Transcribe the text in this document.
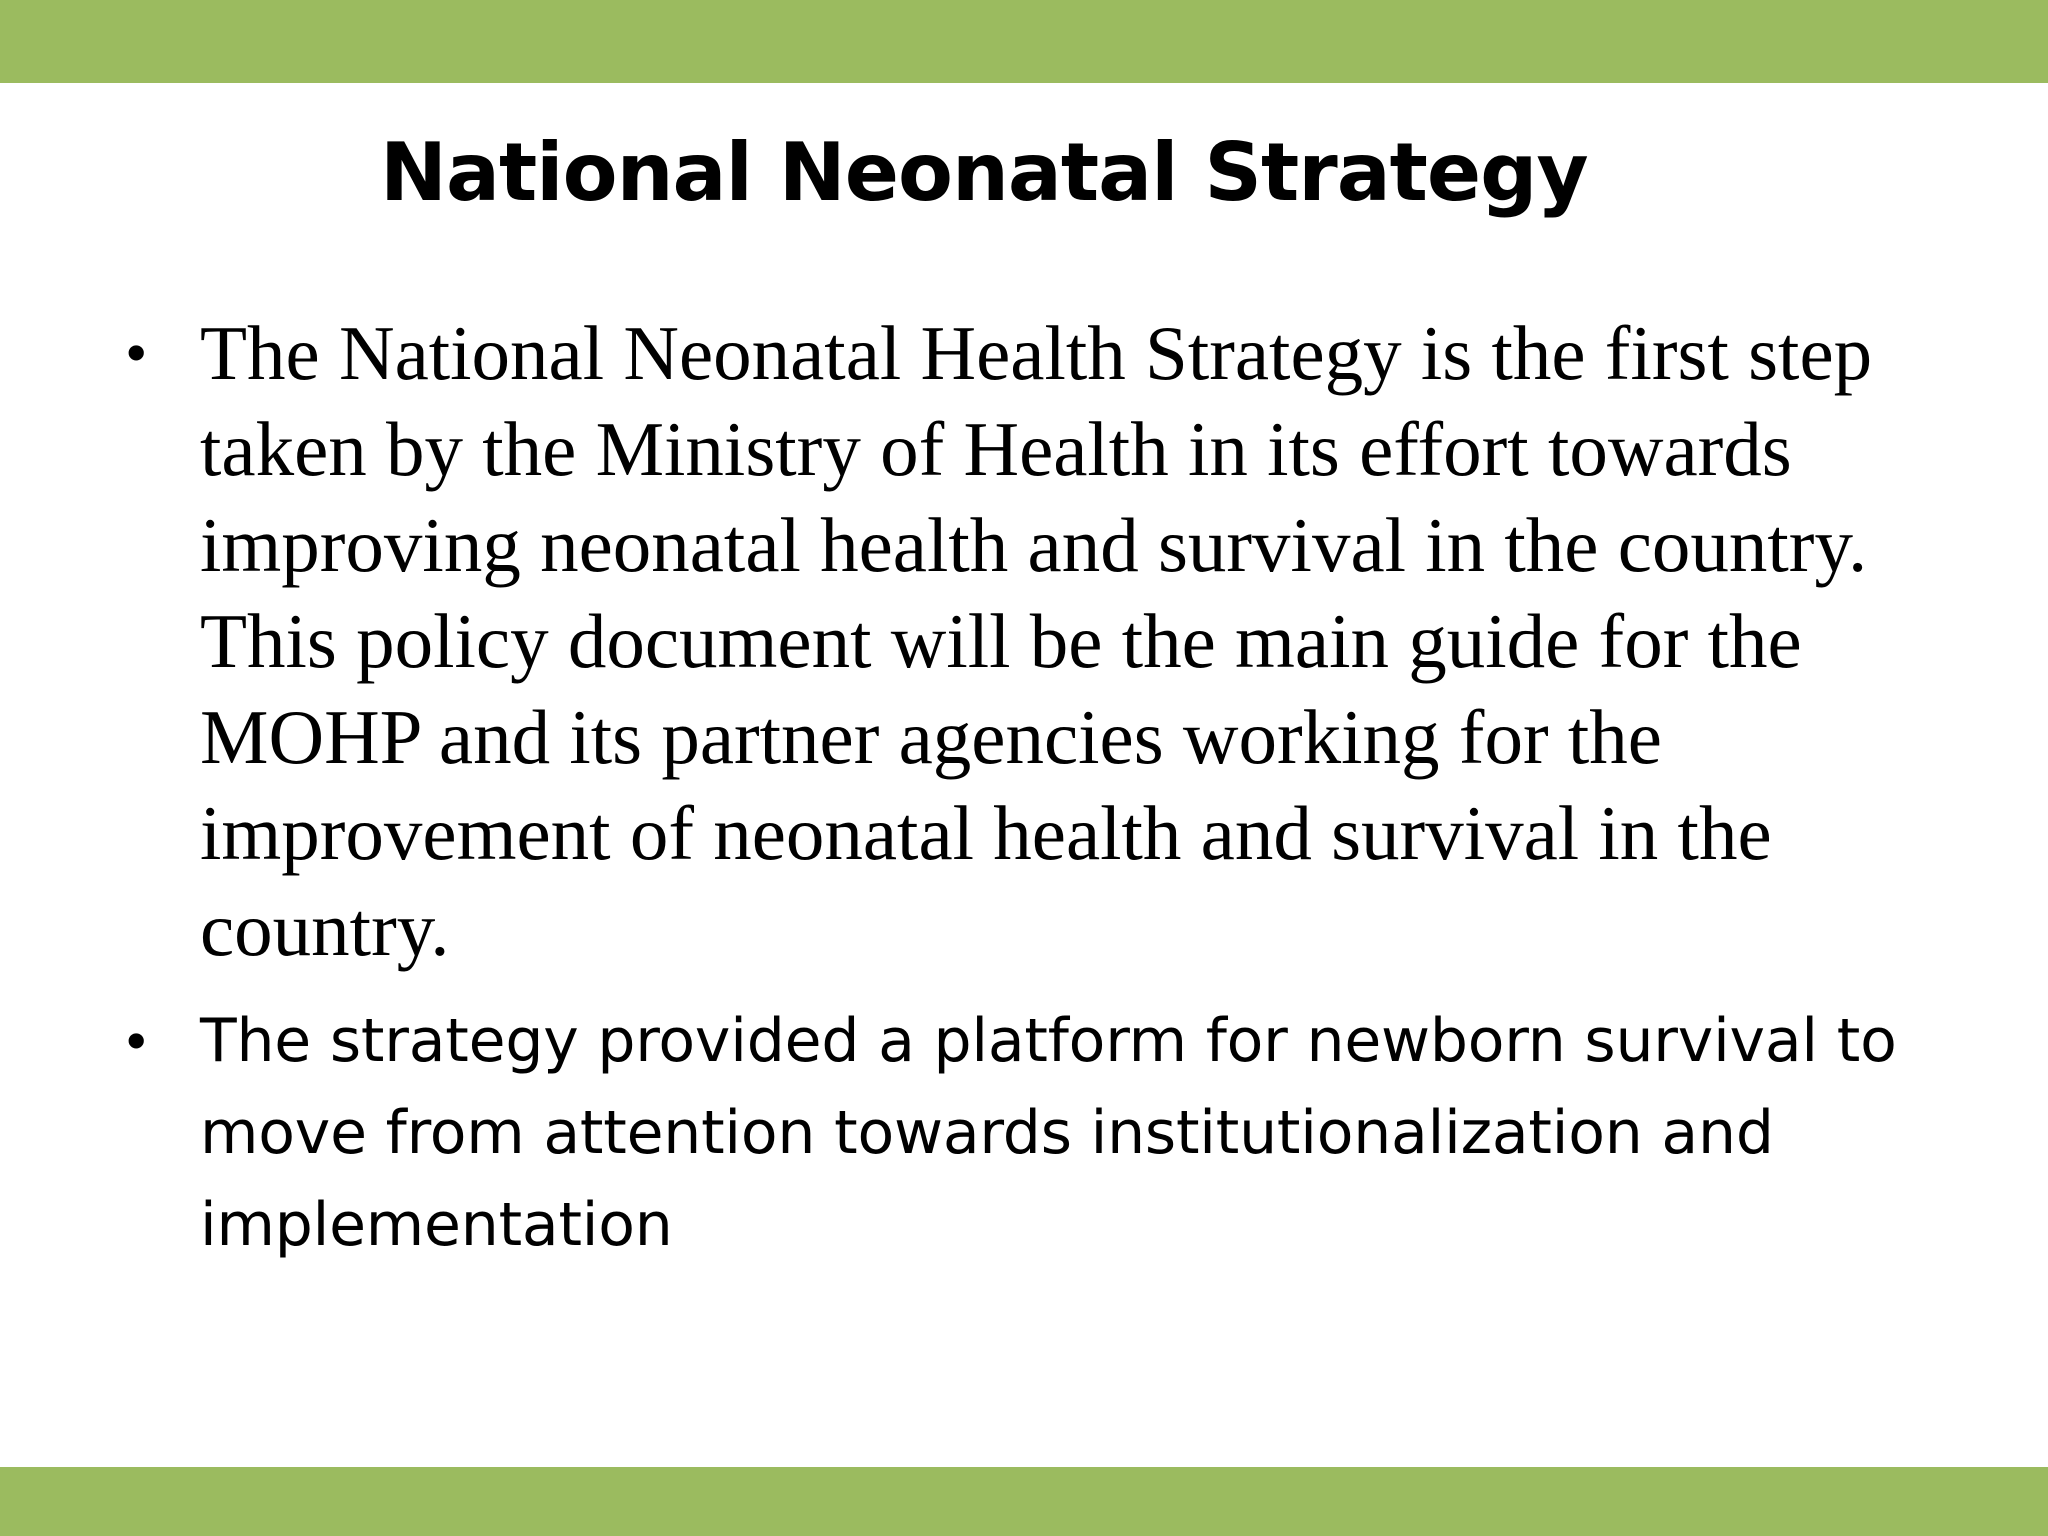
National Neonatal Strategy
• The National Neonatal Health Strategy is the first step taken by the Ministry of Health in its effort towards improving neonatal health and survival in the country. This policy document will be the main guide for the MOHP and its partner agencies working for the improvement of neonatal health and survival in the country.
• The strategy provided a platform for newborn survival to move from attention towards institutionalization and implementation
